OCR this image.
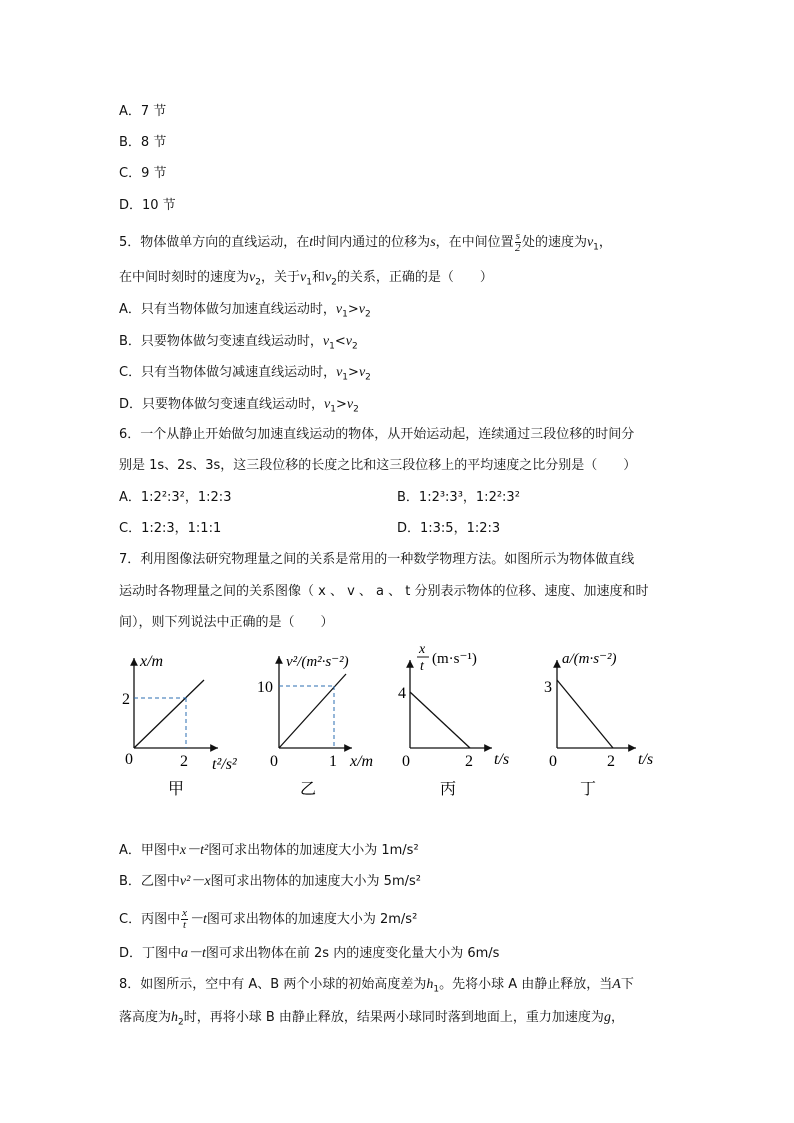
A．7 节
B．8 节
C．9 节
D．10 节
5．物体做单方向的直线运动，在t时间内通过的位移为s，在中间位置 $\frac{s}{2}$ 处的速度为$v_1$，
在中间时刻时的速度为$v_2$，关于$v_1$和$v_2$的关系，正确的是（　　）
A．只有当物体做匀加速直线运动时，$v_1>v_2$
B．只要物体做匀变速直线运动时，$v_1<v_2$
C．只有当物体做匀减速直线运动时，$v_1>v_2$
D．只要物体做匀变速直线运动时，$v_1>v_2$
6．一个从静止开始做匀加速直线运动的物体，从开始运动起，连续通过三段位移的时间分
别是 1s、2s、3s，这三段位移的长度之比和这三段位移上的平均速度之比分别是（　　）
A．1:2²:3²，1:2:3	B．1:2³:3³，1:2²:3²
C．1:2:3，1:1:1	D．1:3:5，1:2:3
7．利用图像法研究物理量之间的关系是常用的一种数学物理方法。如图所示为物体做直线
运动时各物理量之间的关系图像（ x 、 v 、 a 、 t 分别表示物体的位移、速度、加速度和时
间），则下列说法中正确的是（　　）
x/m
2
2
0	t²/s²
甲
v²/(m²·s⁻²)
10
1
0	x/m
乙
x
t (m·s⁻¹)
4
2
0	t/s
丙
a/(m·s⁻²)
3
2
0	t/s
丁
A．甲图中x－t²图可求出物体的加速度大小为 1m/s²
B．乙图中v²－x图可求出物体的加速度大小为 5m/s²
C．丙图中 $\frac{x}{t} -t$图可求出物体的加速度大小为 2m/s²
D．丁图中a－t图可求出物体在前 2s 内的速度变化量大小为 6m/s
8．如图所示，空中有 A、B 两个小球的初始高度差为$h_1$。先将小球 A 由静止释放，当A下
落高度为$h_2$时，再将小球 B 由静止释放，结果两小球同时落到地面上，重力加速度为g，
